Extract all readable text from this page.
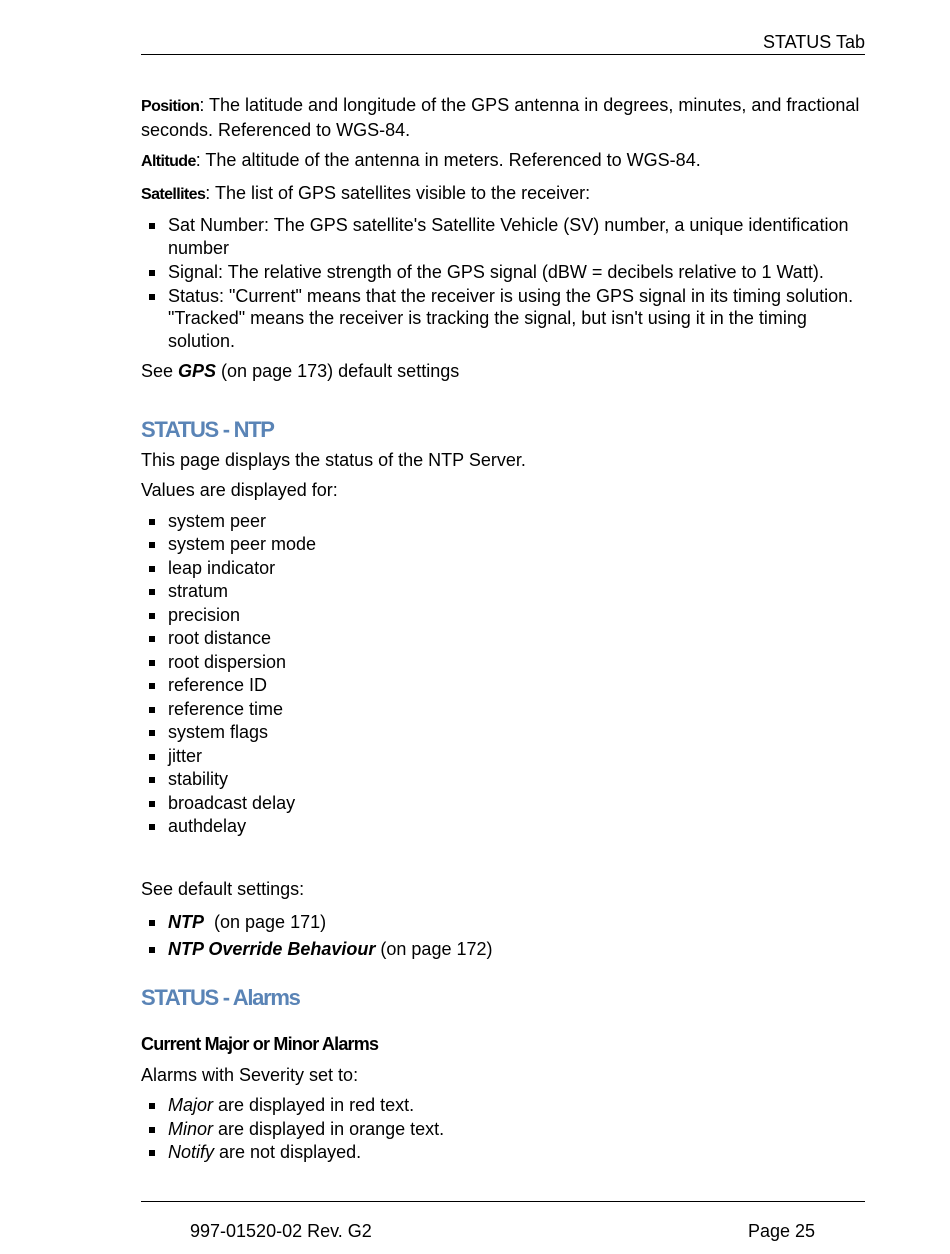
STATUS Tab

Position: The latitude and longitude of the GPS antenna in degrees, minutes, and fractional seconds. Referenced to WGS-84.

Altitude: The altitude of the antenna in meters. Referenced to WGS-84.

Satellites: The list of GPS satellites visible to the receiver:

Sat Number: The GPS satellite's Satellite Vehicle (SV) number, a unique identification number
Signal: The relative strength of the GPS signal (dBW = decibels relative to 1 Watt).
Status: "Current" means that the receiver is using the GPS signal in its timing solution. "Tracked" means the receiver is tracking the signal, but isn't using it in the timing solution.

See GPS (on page 173) default settings

STATUS - NTP

This page displays the status of the NTP Server.

Values are displayed for:

system peer
system peer mode
leap indicator
stratum
precision
root distance
root dispersion
reference ID
reference time
system flags
jitter
stability
broadcast delay
authdelay

See default settings:

NTP  (on page 171)
NTP Override Behaviour (on page 172)
STATUS - Alarms

Current Major or Minor Alarms

Alarms with Severity set to:

Major are displayed in red text.
Minor are displayed in orange text.
Notify are not displayed.
997-01520-02 Rev. G2	Page 25
